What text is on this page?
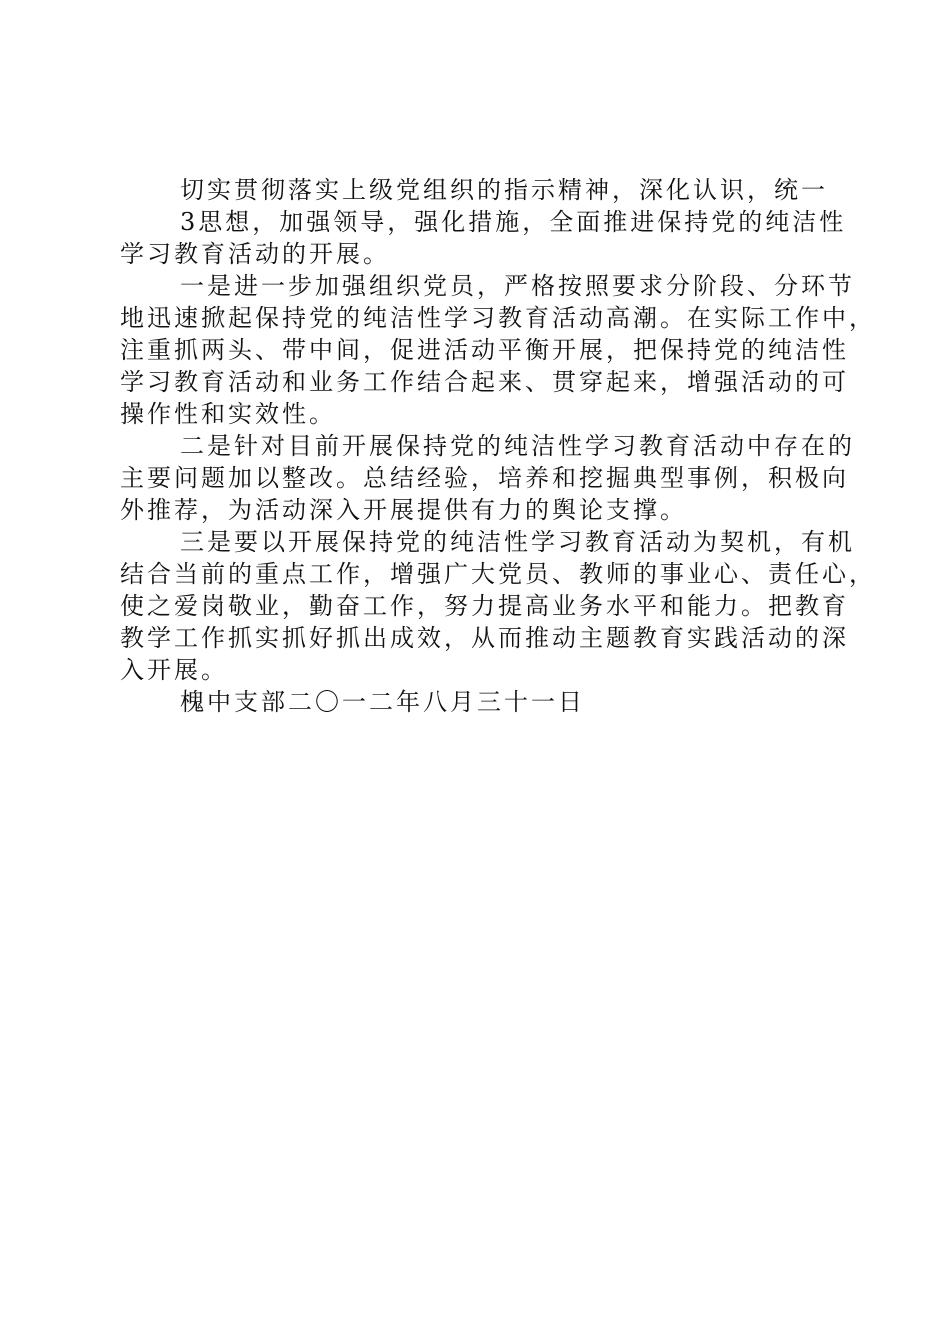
切实贯彻落实上级党组织的指示精神，深化认识，统一

3思想，加强领导，强化措施，全面推进保持党的纯洁性

学习教育活动的开展。

一是进一步加强组织党员，严格按照要求分阶段、分环节

地迅速掀起保持党的纯洁性学习教育活动高潮。在实际工作中，

注重抓两头、带中间，促进活动平衡开展，把保持党的纯洁性

学习教育活动和业务工作结合起来、贯穿起来，增强活动的可

操作性和实效性。

二是针对目前开展保持党的纯洁性学习教育活动中存在的

主要问题加以整改。总结经验，培养和挖掘典型事例，积极向

外推荐，为活动深入开展提供有力的舆论支撑。

三是要以开展保持党的纯洁性学习教育活动为契机，有机

结合当前的重点工作，增强广大党员、教师的事业心、责任心，

使之爱岗敬业，勤奋工作，努力提高业务水平和能力。把教育

教学工作抓实抓好抓出成效，从而推动主题教育实践活动的深

入开展。

槐中支部二〇一二年八月三十一日
